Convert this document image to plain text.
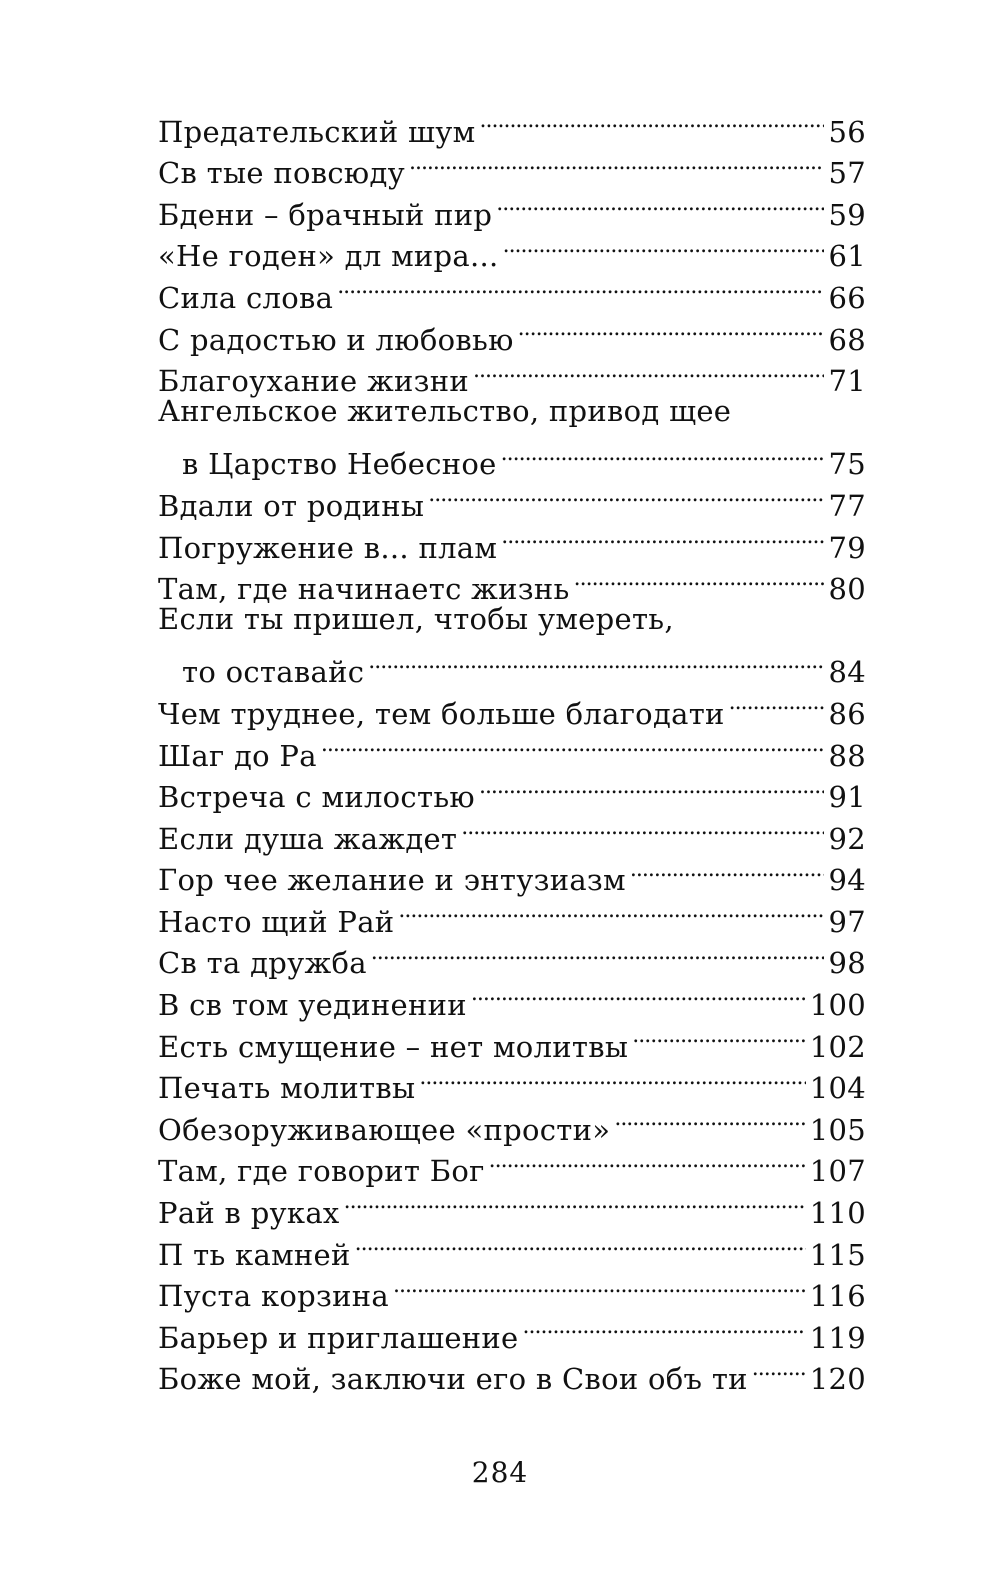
Предательский шум . . .	56
Св тые повсюду . . .	57
Бдени – брачный пир . . .	59
«Не годен» дл мира... . . .	61
Сила слова . . .	66
С радостью и любовью . . .	68
Благоухание жизни . . .	71
Ангельское жительство, привод щее
в Царство Небесное . . .	75
Вдали от родины . . .	77
Погружение в... плам . . .	79
Там, где начинаетс жизнь . . .	80
Если ты пришел, чтобы умереть,
то оставайс . . .	84
Чем труднее, тем больше благодати . . .	86
Шаг до Ра . . .	88
Встреча с милостью . . .	91
Если душа жаждет . . .	92
Гор чее желание и энтузиазм . . .	94
Насто щий Рай . . .	97
Св та дружба . . .	98
В св том уединении . . .	100
Есть смущение – нет молитвы . . .	102
Печать молитвы . . .	104
Обезоруживающее «прости» . . .	105
Там, где говорит Бог . . .	107
Рай в руках . . .	110
П ть камней . . .	115
Пуста корзина . . .	116
Барьер и приглашение . . .	119
Боже мой, заключи его в Свои объ ти . . . 120
284
